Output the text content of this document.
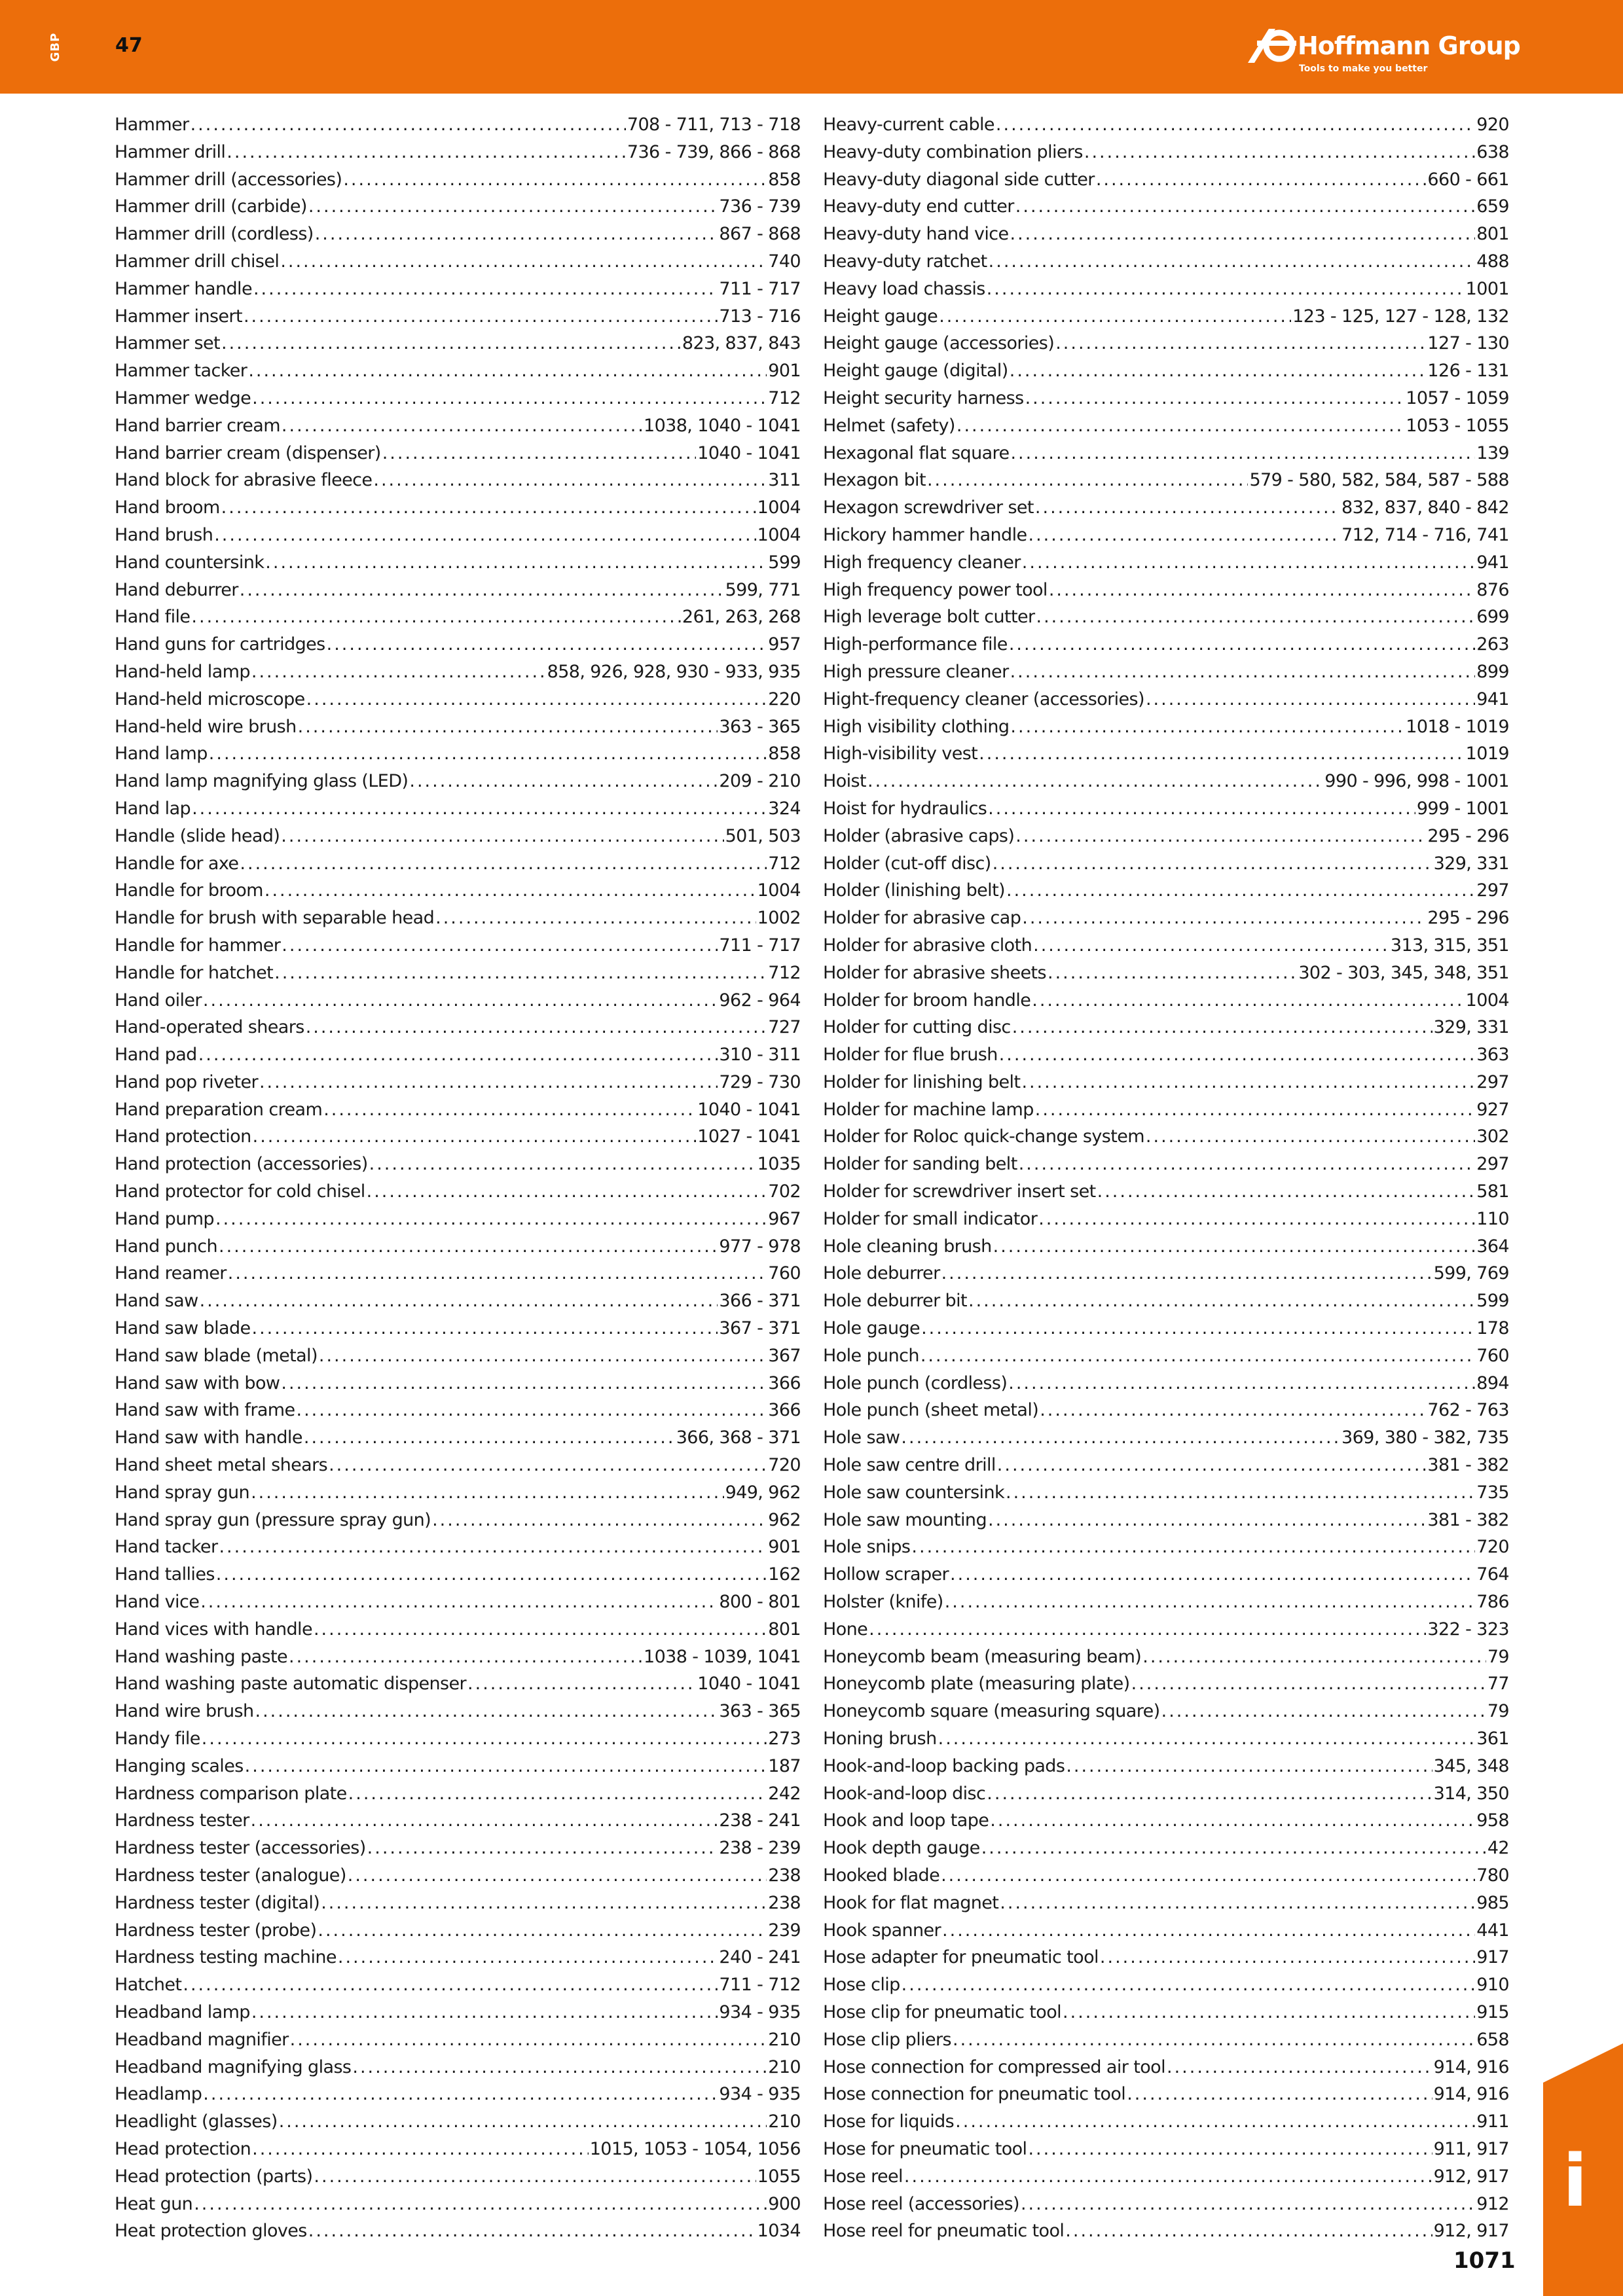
GBP	47	Hoffmann Group
Tools to make you better
Hammer .....	708 - 711, 713 - 718
Hammer drill .....	736 - 739, 866 - 868
Hammer drill (accessories) .....	858
Hammer drill (carbide) .....	736 - 739
Hammer drill (cordless) .....	867 - 868
Hammer drill chisel .....	740
Hammer handle .....	711 - 717
Hammer insert .....	713 - 716
Hammer set .....	823, 837, 843
Hammer tacker .....	901
Hammer wedge .....	712
Hand barrier cream .....	1038, 1040 - 1041
Hand barrier cream (dispenser) .....	1040 - 1041
Hand block for abrasive fleece .....	311
Hand broom .....	1004
Hand brush .....	1004
Hand countersink .....	599
Hand deburrer .....	599, 771
Hand file .....	261, 263, 268
Hand guns for cartridges .....	957
Hand-held lamp .....	858, 926, 928, 930 - 933, 935
Hand-held microscope .....	220
Hand-held wire brush .....	363 - 365
Hand lamp .....	858
Hand lamp magnifying glass (LED) .....	209 - 210
Hand lap .....	324
Handle (slide head) .....	501, 503
Handle for axe .....	712
Handle for broom .....	1004
Handle for brush with separable head .....	1002
Handle for hammer .....	711 - 717
Handle for hatchet .....	712
Hand oiler .....	962 - 964
Hand-operated shears .....	727
Hand pad .....	310 - 311
Hand pop riveter .....	729 - 730
Hand preparation cream .....	1040 - 1041
Hand protection .....	1027 - 1041
Hand protection (accessories) .....	1035
Hand protector for cold chisel .....	702
Hand pump .....	967
Hand punch .....	977 - 978
Hand reamer .....	760
Hand saw .....	366 - 371
Hand saw blade .....	367 - 371
Hand saw blade (metal) .....	367
Hand saw with bow .....	366
Hand saw with frame .....	366
Hand saw with handle .....	366, 368 - 371
Hand sheet metal shears .....	720
Hand spray gun .....	949, 962
Hand spray gun (pressure spray gun) .....	962
Hand tacker .....	901
Hand tallies .....	162
Hand vice .....	800 - 801
Hand vices with handle .....	801
Hand washing paste .....	1038 - 1039, 1041
Hand washing paste automatic dispenser .....	1040 - 1041
Hand wire brush .....	363 - 365
Handy file .....	273
Hanging scales .....	187
Hardness comparison plate .....	242
Hardness tester .....	238 - 241
Hardness tester (accessories) .....	238 - 239
Hardness tester (analogue) .....	238
Hardness tester (digital) .....	238
Hardness tester (probe) .....	239
Hardness testing machine .....	240 - 241
Hatchet .....	711 - 712
Headband lamp .....	934 - 935
Headband magnifier .....	210
Headband magnifying glass .....	210
Headlamp .....	934 - 935
Headlight (glasses) .....	210
Head protection .....	1015, 1053 - 1054, 1056
Head protection (parts) .....	1055
Heat gun .....	900
Heat protection gloves .....	1034
Heavy-current cable .....	920
Heavy-duty combination pliers .....	638
Heavy-duty diagonal side cutter .....	660 - 661
Heavy-duty end cutter .....	659
Heavy-duty hand vice .....	801
Heavy-duty ratchet .....	488
Heavy load chassis .....	1001
Height gauge .....	123 - 125, 127 - 128, 132
Height gauge (accessories) .....	127 - 130
Height gauge (digital) .....	126 - 131
Height security harness .....	1057 - 1059
Helmet (safety) .....	1053 - 1055
Hexagonal flat square .....	139
Hexagon bit .....	579 - 580, 582, 584, 587 - 588
Hexagon screwdriver set .....	832, 837, 840 - 842
Hickory hammer handle .....	712, 714 - 716, 741
High frequency cleaner .....	941
High frequency power tool .....	876
High leverage bolt cutter .....	699
High-performance file .....	263
High pressure cleaner .....	899
Hight-frequency cleaner (accessories) .....	941
High visibility clothing .....	1018 - 1019
High-visibility vest .....	1019
Hoist .....	990 - 996, 998 - 1001
Hoist for hydraulics .....	999 - 1001
Holder (abrasive caps) .....	295 - 296
Holder (cut-off disc) .....	329, 331
Holder (linishing belt) .....	297
Holder for abrasive cap .....	295 - 296
Holder for abrasive cloth .....	313, 315, 351
Holder for abrasive sheets .....	302 - 303, 345, 348, 351
Holder for broom handle .....	1004
Holder for cutting disc .....	329, 331
Holder for flue brush .....	363
Holder for linishing belt .....	297
Holder for machine lamp .....	927
Holder for Roloc quick-change system .....	302
Holder for sanding belt .....	297
Holder for screwdriver insert set .....	581
Holder for small indicator .....	110
Hole cleaning brush .....	364
Hole deburrer .....	599, 769
Hole deburrer bit .....	599
Hole gauge .....	178
Hole punch .....	760
Hole punch (cordless) .....	894
Hole punch (sheet metal) .....	762 - 763
Hole saw .....	369, 380 - 382, 735
Hole saw centre drill .....	381 - 382
Hole saw countersink .....	735
Hole saw mounting .....	381 - 382
Hole snips .....	720
Hollow scraper .....	764
Holster (knife) .....	786
Hone .....	322 - 323
Honeycomb beam (measuring beam) .....	79
Honeycomb plate (measuring plate) .....	77
Honeycomb square (measuring square) .....	79
Honing brush .....	361
Hook-and-loop backing pads .....	345, 348
Hook-and-loop disc .....	314, 350
Hook and loop tape .....	958
Hook depth gauge .....	42
Hooked blade .....	780
Hook for flat magnet .....	985
Hook spanner .....	441
Hose adapter for pneumatic tool .....	917
Hose clip .....	910
Hose clip for pneumatic tool .....	915
Hose clip pliers .....	658
Hose connection for compressed air tool .....	914, 916
Hose connection for pneumatic tool .....	914, 916
Hose for liquids .....	911
Hose for pneumatic tool .....	911, 917
Hose reel .....	912, 917
Hose reel (accessories) .....	912
Hose reel for pneumatic tool .....	912, 917
i
1071
